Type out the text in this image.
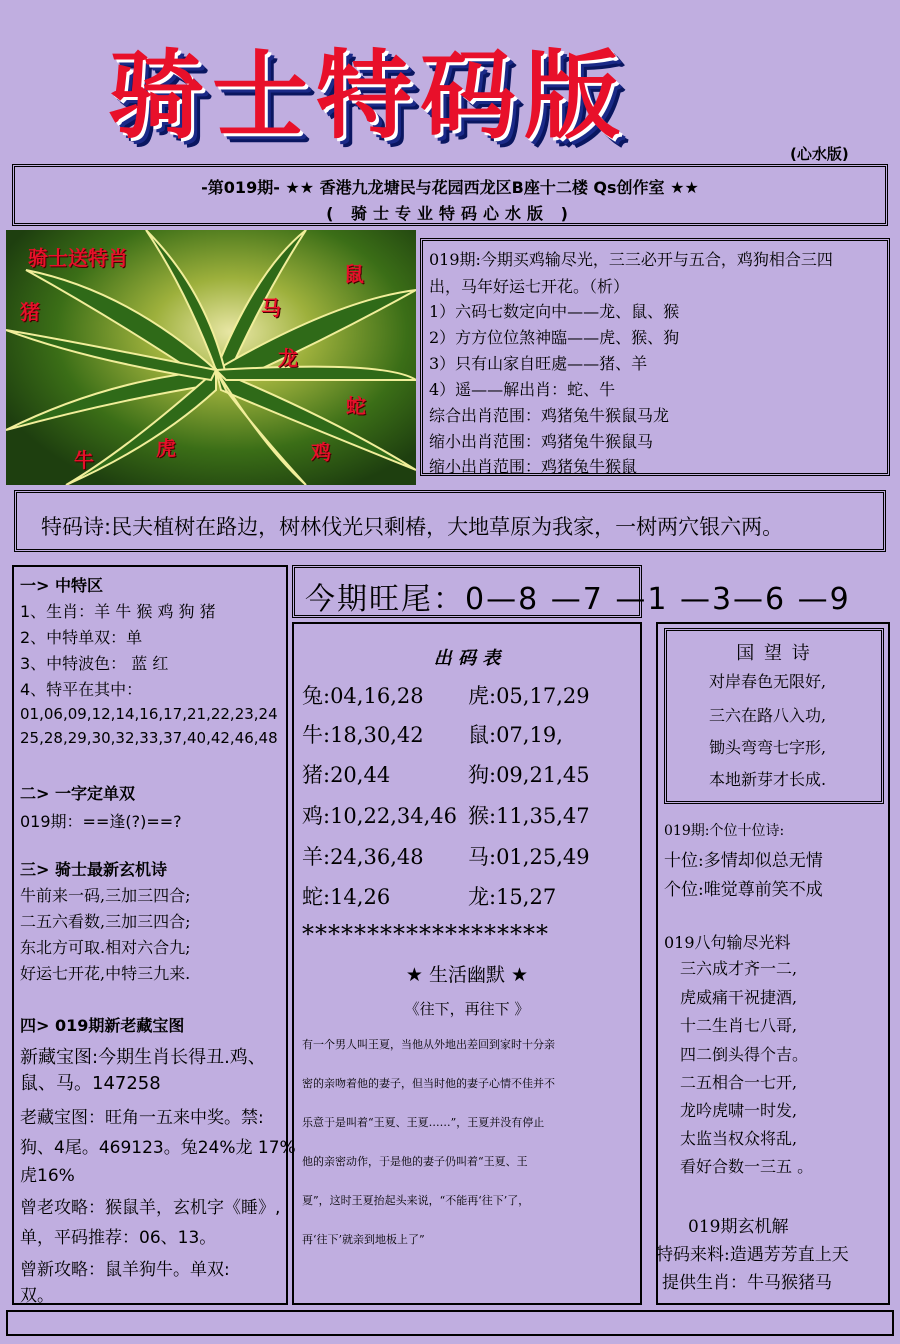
骑士特码版
(心水版)
-第019期- ★★ 香港九龙塘民与花园西龙区B座十二楼 Qs创作室 ★★
( 骑士专业特码心水版 )
骑士送特肖
鼠
猪	马
龙
蛇
牛	虎	鸡
019期:今期买鸡输尽光，三三必开与五合，鸡狗相合三四
出，马年好运七开花。（析）
1）六码七数定向中——龙、鼠、猴
2）方方位位煞神臨——虎、猴、狗
3）只有山家自旺處——猪、羊
4）遥——解出肖：蛇、牛
综合出肖范围：鸡猪兔牛猴鼠马龙
缩小出肖范围：鸡猪兔牛猴鼠马
缩小出肖范围：鸡猪兔牛猴鼠
特码诗:民夫植树在路边，树林伐光只剩椿，大地草原为我家，一树两穴银六两。
一> 中特区
1、生肖：羊 牛 猴 鸡 狗 猪
2、中特单双：单
3、中特波色： 蓝 红
4、特平在其中：
01,06,09,12,14,16,17,21,22,23,24
25,28,29,30,32,33,37,40,42,46,48
二> 一字定单双
019期：==逢(?)==?
三> 骑士最新玄机诗
牛前来一码,三加三四合;
二五六看数,三加三四合;
东北方可取.相对六合九;
好运七开花,中特三九来.
四> 019期新老藏宝图
新藏宝图:今期生肖长得丑.鸡、
鼠、马。147258
老藏宝图：旺角一五来中奖。禁:
狗、4尾。469123。兔24%龙 17%
虎16%
曾老攻略：猴鼠羊，玄机字《睡》,
单，平码推荐：06、13。
曾新攻略：鼠羊狗牛。单双:
双。
今期旺尾：0—8 —7 —1 —3—6 —9
出 码 表
兔:04,16,28 虎:05,17,29
牛:18,30,42 鼠:07,19,
猪:20,44	狗:09,21,45
鸡:10,22,34,46 猴:11,35,47
羊:24,36,48 马:01,25,49
蛇:14,26	龙:15,27
*******************
★ 生活幽默 ★
《往下，再往下 》
有一个男人叫王夏，当他从外地出差回到家时十分亲
密的亲吻着他的妻子，但当时他的妻子心情不佳并不
乐意于是叫着“王夏、王夏……”，王夏并没有停止
他的亲密动作，于是他的妻子仍叫着“王夏、王
夏”，这时王夏抬起头来说，“不能再‘往下’了，
再‘往下’就亲到地板上了”
019期:个位十位诗:
十位:多情却似总无情
个位:唯觉尊前笑不成
019八句输尽光料
三六成才齐一二,
虎威痛干祝捷酒,
十二生肖七八哥,
四二倒头得个吉。
二五相合一七开,
龙吟虎啸一时发,
太监当权众将乱,
看好合数一三五 。
019期玄机解
特码来料:造遇芳芳直上天
提供生肖：牛马猴猪马
国 望 诗
对岸春色无限好,
三六在路八入功,
锄头弯弯七字形,
本地新芽才长成.
